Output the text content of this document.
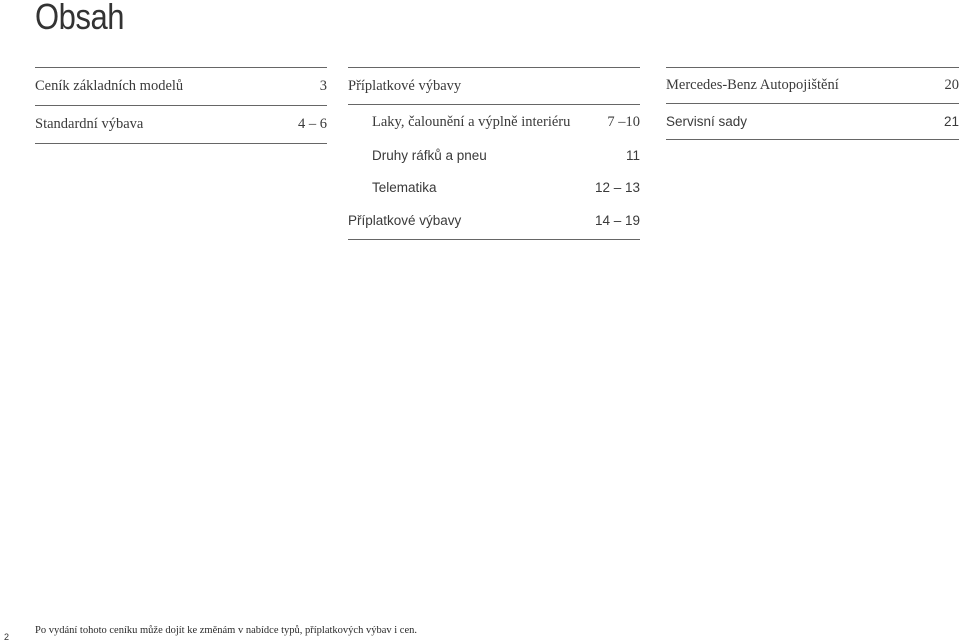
Obsah
Ceník základních modelů	3
Standardní výbava	4 – 6
Příplatkové výbavy
Laky, čalounění a výplně interiéru	7 –10
Druhy ráfků a pneu	11
Telematika	12 – 13
Příplatkové výbavy	14 – 19
Mercedes-Benz Autopojištění	20
Servisní sady	21
2
Po vydání tohoto ceníku může dojít ke změnám v nabídce typů, příplatkových výbav i cen.
